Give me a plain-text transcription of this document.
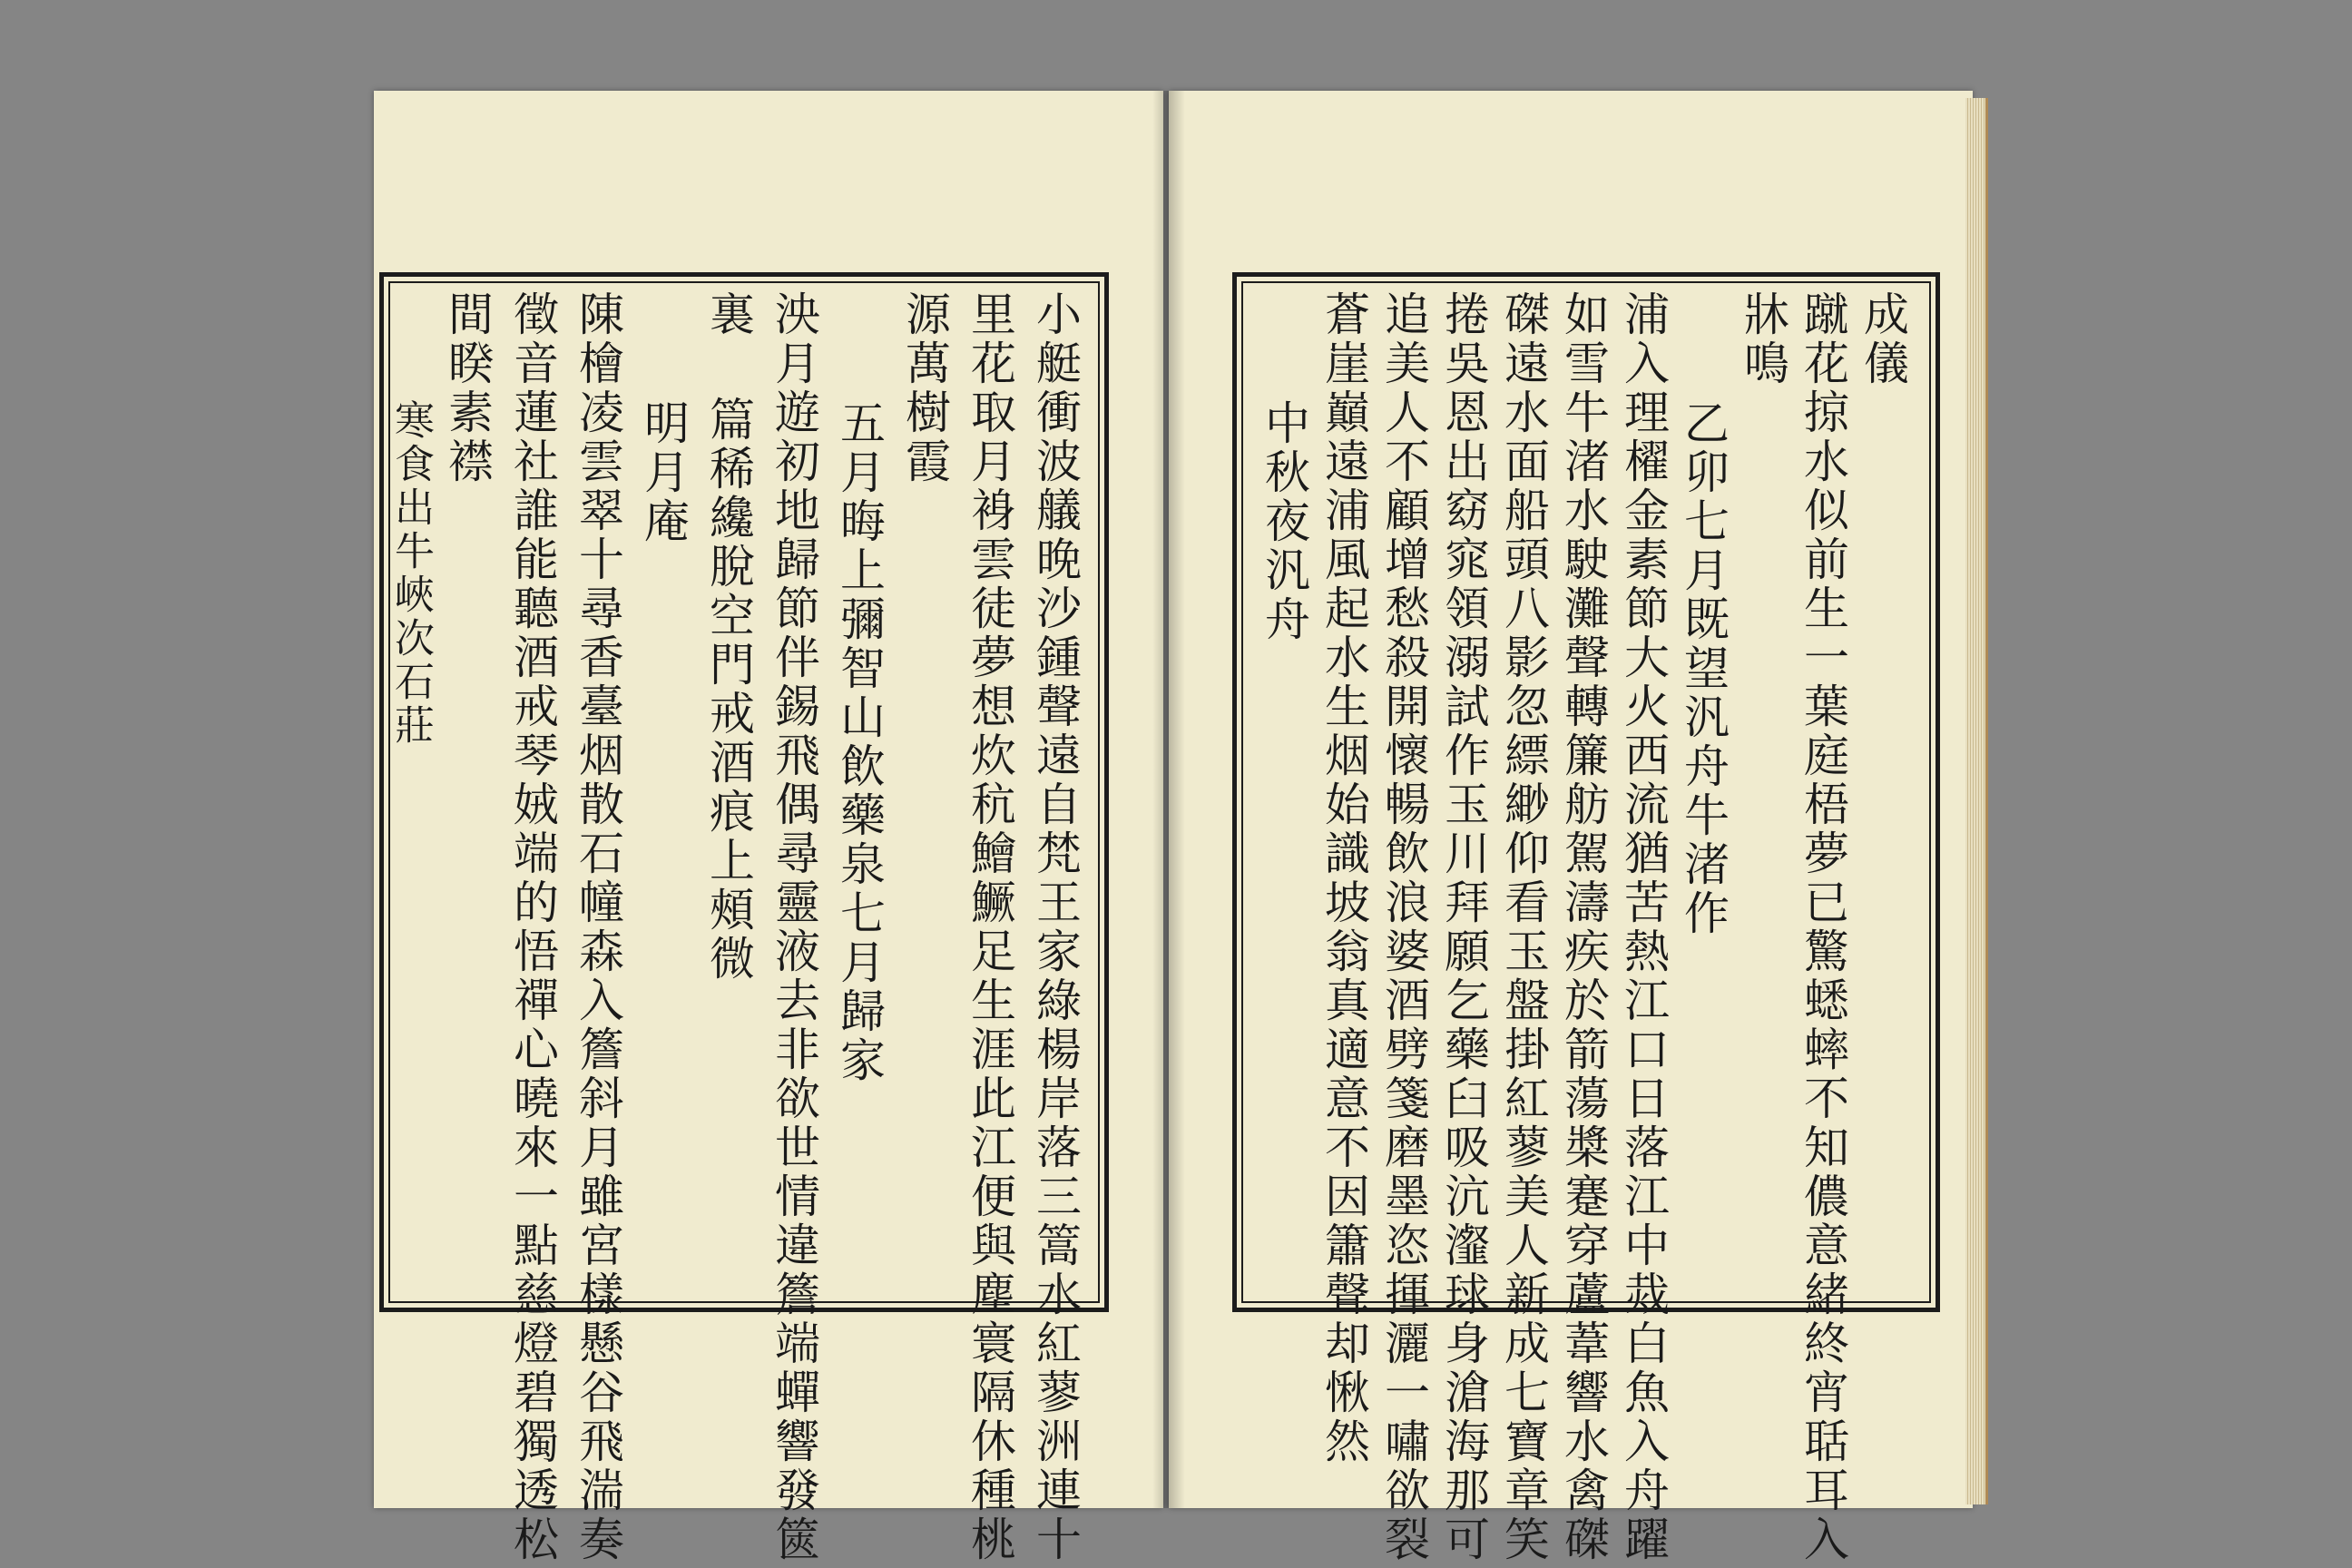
小艇衝波艤晚沙鍾聲遠自梵王家綠楊岸落三篙水紅蓼洲連十
里花取月裑雲徒夢想炊秔鱠鱖足生涯此江便與塵寰隔休種桃
源萬樹霞
五月晦上彌智山飲藥泉七月歸家
泱月遊初地歸節伴錫飛偶尋靈液去非欲世情違簷端蟬響發篋
裏 篇稀纔脫空門戒酒痕上頰微
明月庵
陳檜凌雲翠十尋香臺烟散石幢森入簷斜月雖宮樣懸谷飛湍奏
徵音蓮社誰能聽酒戒琴娀端的悟禪心曉來一點慈燈碧獨透松
間睽素襟
寒食出牛峽次石莊
成儀
蹴花掠水似前生一葉庭梧夢已驚蟋蟀不知儂意緒終宵聒耳入
牀鳴
乙卯七月既望汎舟牛渚作
浦入理櫂金素節大火西流猶苦熱江口日落江中烖白魚入舟躍
如雪牛渚水駛灘聲轉簾舫駕濤疾於箭蕩槳蹇穿蘆葦響水禽磔
磔遠水面船頭八影忽縹緲仰看玉盤掛紅蓼美人新成七寶章笑
捲吳恩出窈窕領溺試作玉川拜願乞藥臼吸沆瀣球身滄海那可
追美人不顧增愁殺開懷暢飲浪婆酒劈箋磨墨恣揮灑一嘯欲裂
蒼崖巔遠浦風起水生烟始識坡翁真適意不因簫聲却愀然
中秋夜汎舟
